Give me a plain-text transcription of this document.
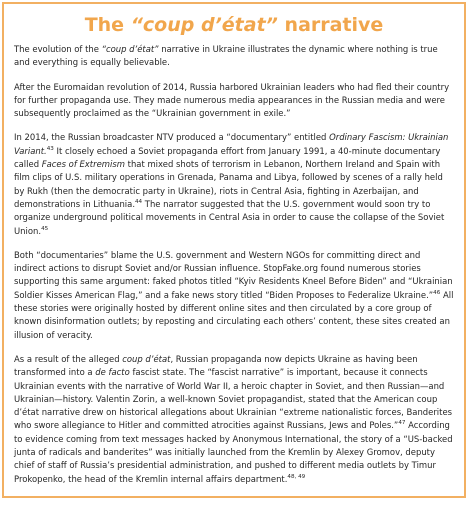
The “coup d’état” narrative

The evolution of the “coup d’état” narrative in Ukraine illustrates the dynamic where nothing is true and everything is equally believable.

After the Euromaidan revolution of 2014, Russia harbored Ukrainian leaders who had fled their country for further propaganda use. They made numerous media appearances in the Russian media and were subsequently proclaimed as the “Ukrainian government in exile.”

In 2014, the Russian broadcaster NTV produced a “documentary” entitled Ordinary Fascism: Ukrainian Variant.$^{43}$ It closely echoed a Soviet propaganda effort from January 1991, a 40-minute documentary called Faces of Extremism that mixed shots of terrorism in Lebanon, Northern Ireland and Spain with film clips of U.S. military operations in Grenada, Panama and Libya, followed by scenes of a rally held by Rukh (then the democratic party in Ukraine), riots in Central Asia, fighting in Azerbaijan, and demonstrations in Lithuania.$^{44}$ The narrator suggested that the U.S. government would soon try to organize underground political movements in Central Asia in order to cause the collapse of the Soviet Union.$^{45}$

Both “documentaries” blame the U.S. government and Western NGOs for committing direct and indirect actions to disrupt Soviet and/or Russian influence. StopFake.org found numerous stories supporting this same argument: faked photos titled “Kyiv Residents Kneel Before Biden” and “Ukrainian Soldier Kisses American Flag,” and a fake news story titled “Biden Proposes to Federalize Ukraine.”$^{46}$ All these stories were originally hosted by different online sites and then circulated by a core group of known disinformation outlets; by reposting and circulating each others’ content, these sites created an illusion of veracity.

As a result of the alleged coup d’état, Russian propaganda now depicts Ukraine as having been transformed into a de facto fascist state. The “fascist narrative” is important, because it connects Ukrainian events with the narrative of World War II, a heroic chapter in Soviet, and then Russian—and Ukrainian—history. Valentin Zorin, a well-known Soviet propagandist, stated that the American coup d’état narrative drew on historical allegations about Ukrainian “extreme nationalistic forces, Banderites who swore allegiance to Hitler and committed atrocities against Russians, Jews and Poles.”$^{47}$ According to evidence coming from text messages hacked by Anonymous International, the story of a “US-backed junta of radicals and banderites” was initially launched from the Kremlin by Alexey Gromov, deputy chief of staff of Russia’s presidential administration, and pushed to different media outlets by Timur Prokopenko, the head of the Kremlin internal affairs department.$^{48, 49}$
